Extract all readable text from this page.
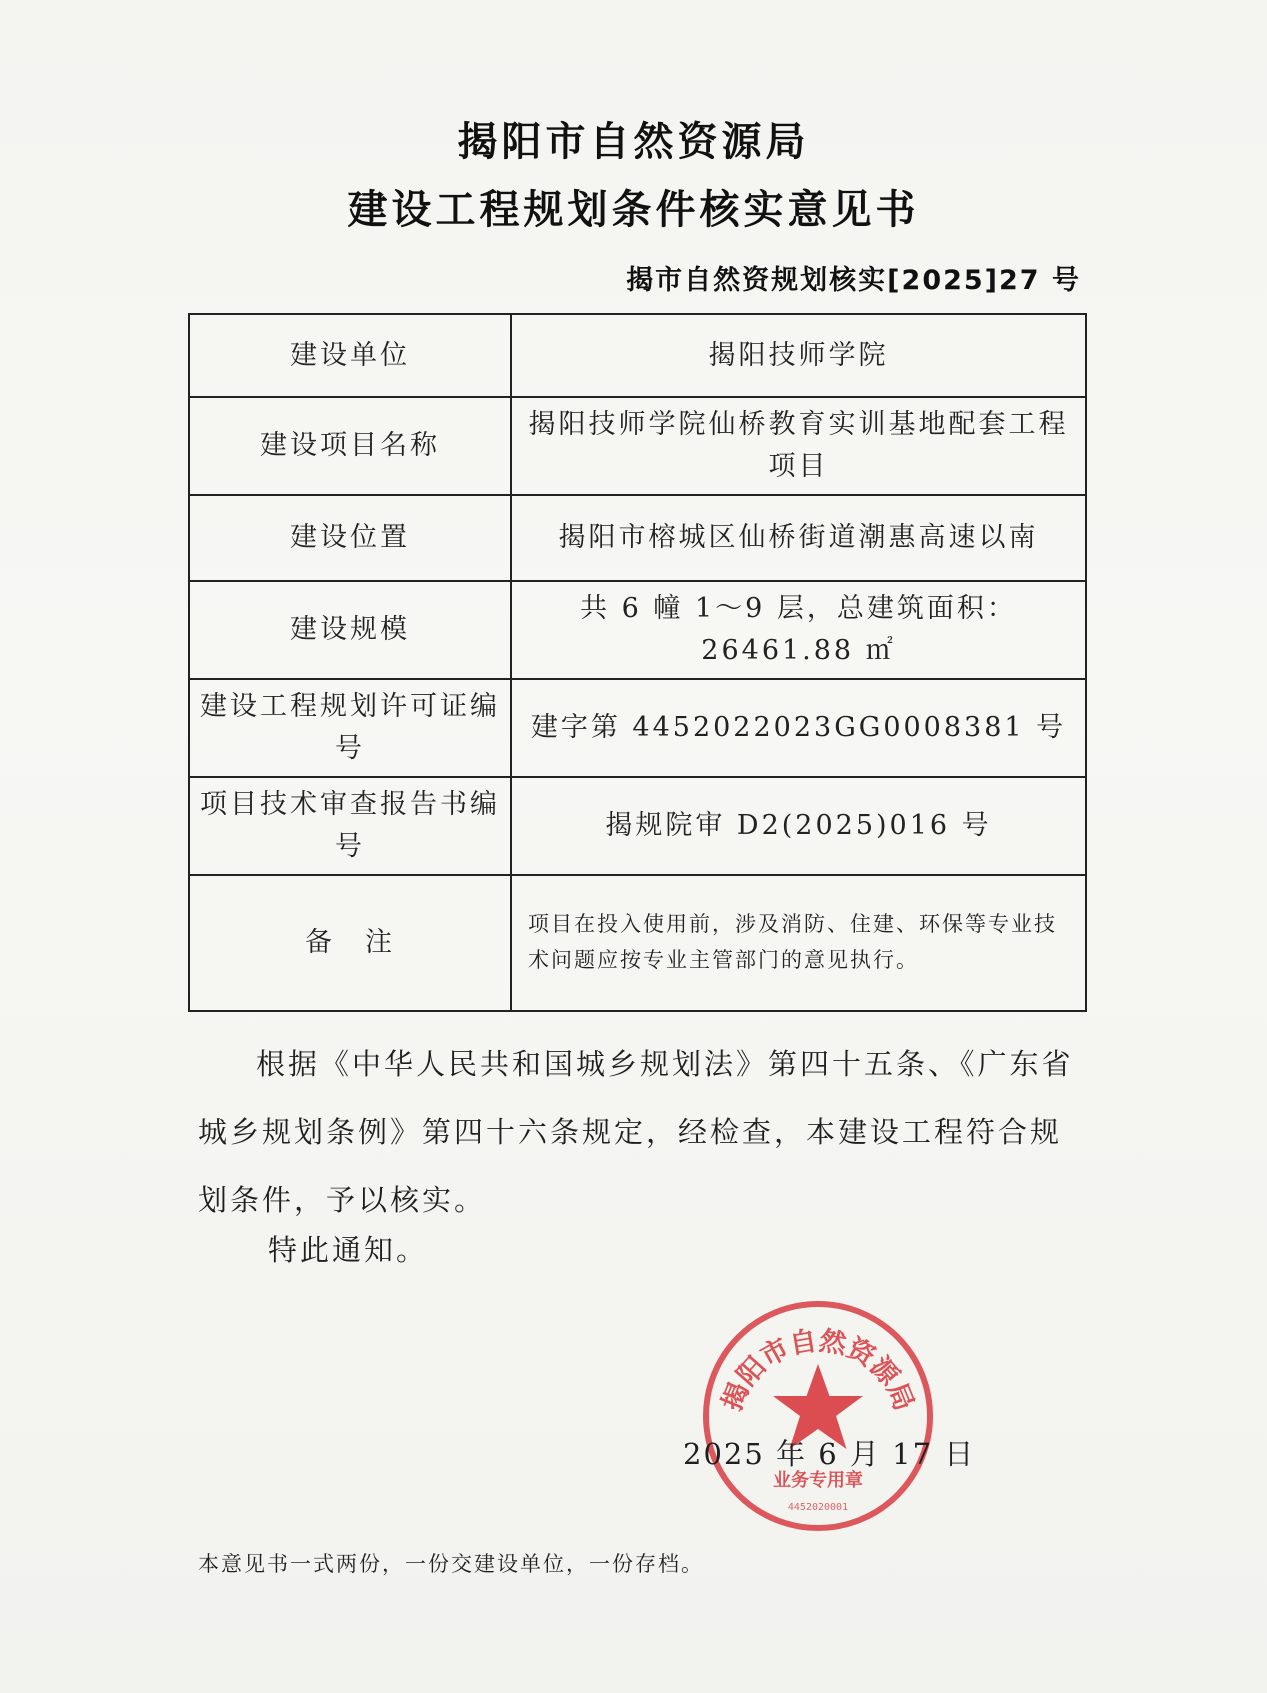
揭阳市自然资源局
建设工程规划条件核实意见书
揭市自然资规划核实[2025]27 号
建设单位	揭阳技师学院
建设项目名称	揭阳技师学院仙桥教育实训基地配套工程项目
建设位置	揭阳市榕城区仙桥街道潮惠高速以南
建设规模	共 6 幢 1～9 层，总建筑面积：26461.88 ㎡
建设工程规划许可证编号	建字第 4452022023GG0008381 号
项目技术审查报告书编号	揭规院审 D2(2025)016 号
备　注	项目在投入使用前，涉及消防、住建、环保等专业技术问题应按专业主管部门的意见执行。
根据《中华人民共和国城乡规划法》第四十五条、《广东省城乡规划条例》第四十六条规定，经检查，本建设工程符合规划条件，予以核实。
特此通知。
揭阳市自然资源局
业务专用章
4452020001
2025 年 6 月 17 日
本意见书一式两份，一份交建设单位，一份存档。
